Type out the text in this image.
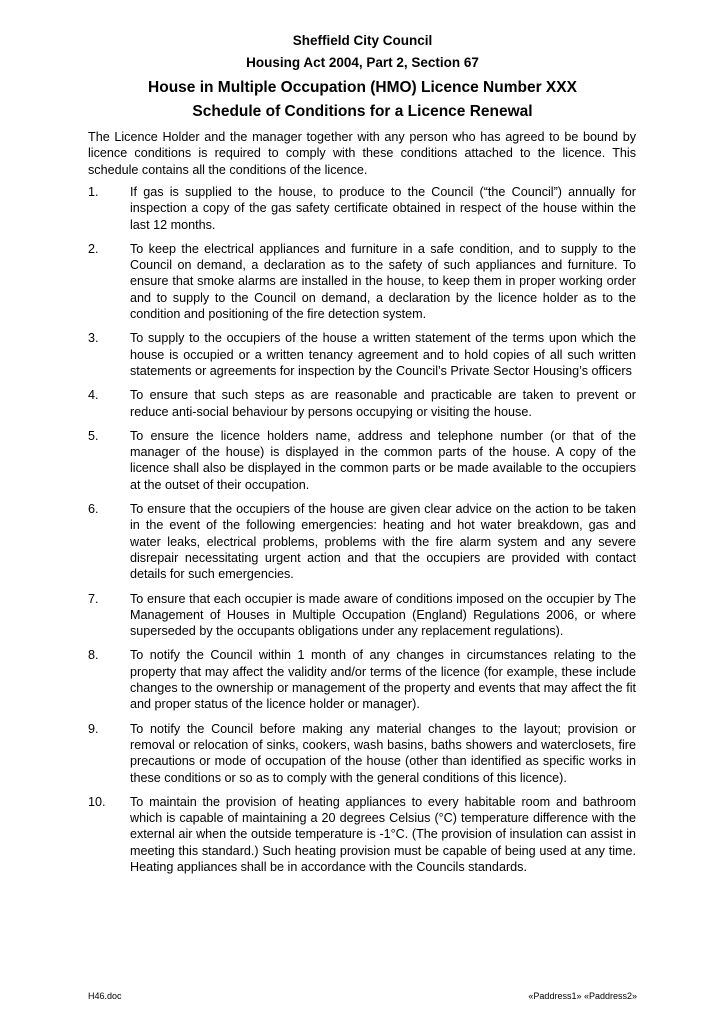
Sheffield City Council
Housing Act 2004, Part 2, Section 67
House in Multiple Occupation (HMO) Licence Number XXX
Schedule of Conditions for a Licence Renewal

The Licence Holder and the manager together with any person who has agreed to be bound by licence conditions is required to comply with these conditions attached to the licence. This schedule contains all the conditions of the licence.

1. If gas is supplied to the house, to produce to the Council (“the Council”) annually for inspection a copy of the gas safety certificate obtained in respect of the house within the last 12 months.
2. To keep the electrical appliances and furniture in a safe condition, and to supply to the Council on demand, a declaration as to the safety of such appliances and furniture. To ensure that smoke alarms are installed in the house, to keep them in proper working order and to supply to the Council on demand, a declaration by the licence holder as to the condition and positioning of the fire detection system.
3. To supply to the occupiers of the house a written statement of the terms upon which the house is occupied or a written tenancy agreement and to hold copies of all such written statements or agreements for inspection by the Council’s Private Sector Housing’s officers
4. To ensure that such steps as are reasonable and practicable are taken to prevent or reduce anti-social behaviour by persons occupying or visiting the house.
5. To ensure the licence holders name, address and telephone number (or that of the manager of the house) is displayed in the common parts of the house. A copy of the licence shall also be displayed in the common parts or be made available to the occupiers at the outset of their occupation.
6. To ensure that the occupiers of the house are given clear advice on the action to be taken in the event of the following emergencies: heating and hot water breakdown, gas and water leaks, electrical problems, problems with the fire alarm system and any severe disrepair necessitating urgent action and that the occupiers are provided with contact details for such emergencies.
7. To ensure that each occupier is made aware of conditions imposed on the occupier by The Management of Houses in Multiple Occupation (England) Regulations 2006, or where superseded by the occupants obligations under any replacement regulations).
8. To notify the Council within 1 month of any changes in circumstances relating to the property that may affect the validity and/or terms of the licence (for example, these include changes to the ownership or management of the property and events that may affect the fit and proper status of the licence holder or manager).
9. To notify the Council before making any material changes to the layout; provision or removal or relocation of sinks, cookers, wash basins, baths showers and waterclosets, fire precautions or mode of occupation of the house (other than identified as specific works in these conditions or so as to comply with the general conditions of this licence).
10. To maintain the provision of heating appliances to every habitable room and bathroom which is capable of maintaining a 20 degrees Celsius (°C) temperature difference with the external air when the outside temperature is -1°C. (The provision of insulation can assist in meeting this standard.) Such heating provision must be capable of being used at any time. Heating appliances shall be in accordance with the Councils standards.
H46.doc	«Paddress1» «Paddress2»
